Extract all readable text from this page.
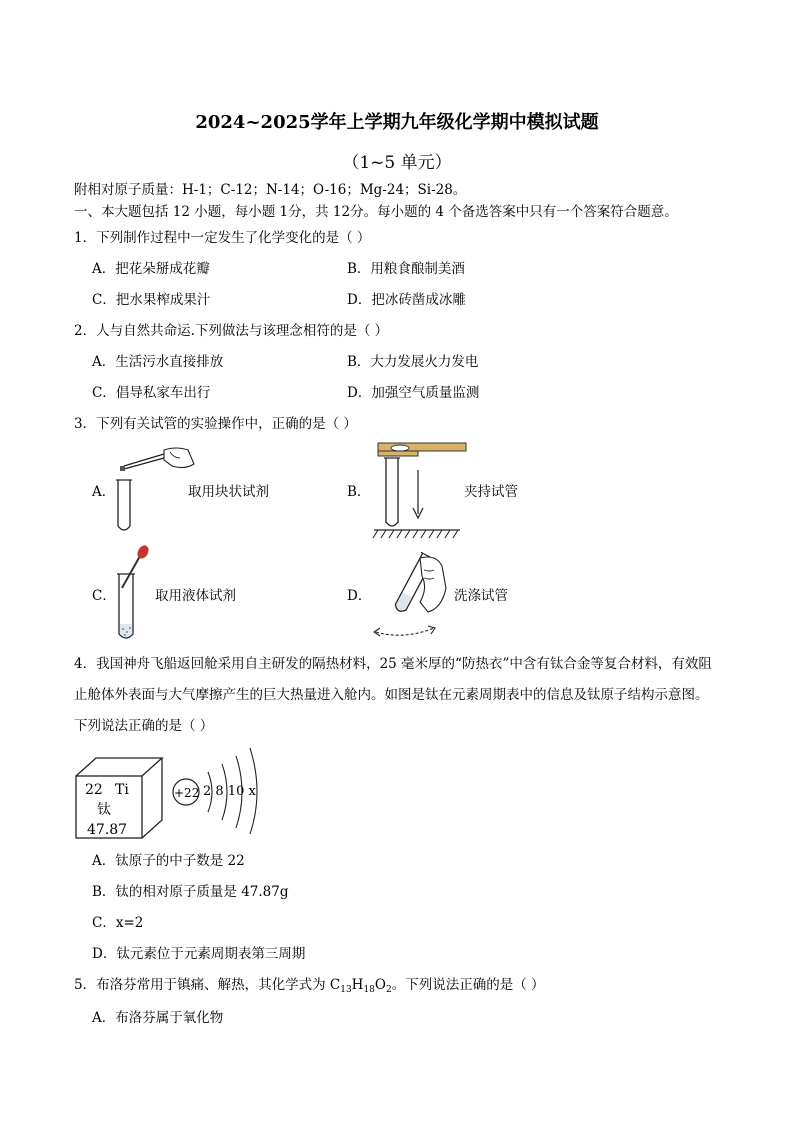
2024~2025学年上学期九年级化学期中模拟试题
（1~5 单元）
附相对原子质量：H-1；C-12；N-14；O-16；Mg-24；Si-28。
一、本大题包括 12 小题，每小题 1分，共 12分。每小题的 4 个备选答案中只有一个答案符合题意。
1．下列制作过程中一定发生了化学变化的是（ ）
A．把花朵掰成花瓣	B．用粮食酿制美酒
C．把水果榨成果汁	D．把冰砖凿成冰雕
2．人与自然共命运.下列做法与该理念相符的是（ ）
A．生活污水直接排放	B．大力发展火力发电
C．倡导私家车出行	D．加强空气质量监测
3．下列有关试管的实验操作中，正确的是（ ）
A．	取用块状试剂	B．	夹持试管
C．	取用液体试剂	D．	洗涤试管
4．我国神舟飞船返回舱采用自主研发的隔热材料，25 毫米厚的“防热衣”中含有钛合金等复合材料，有效阻
止舱体外表面与大气摩擦产生的巨大热量进入舱内。如图是钛在元素周期表中的信息及钛原子结构示意图。
下列说法正确的是（ ）
22 Ti
钛
47.87
+22 2 8 10 x
A．钛原子的中子数是 22
B．钛的相对原子质量是 47.87g
C．x=2
D．钛元素位于元素周期表第三周期
5．布洛芬常用于镇痛、解热，其化学式为 $C_{13}H_{18}O_2$。下列说法正确的是（ ）
A．布洛芬属于氧化物
